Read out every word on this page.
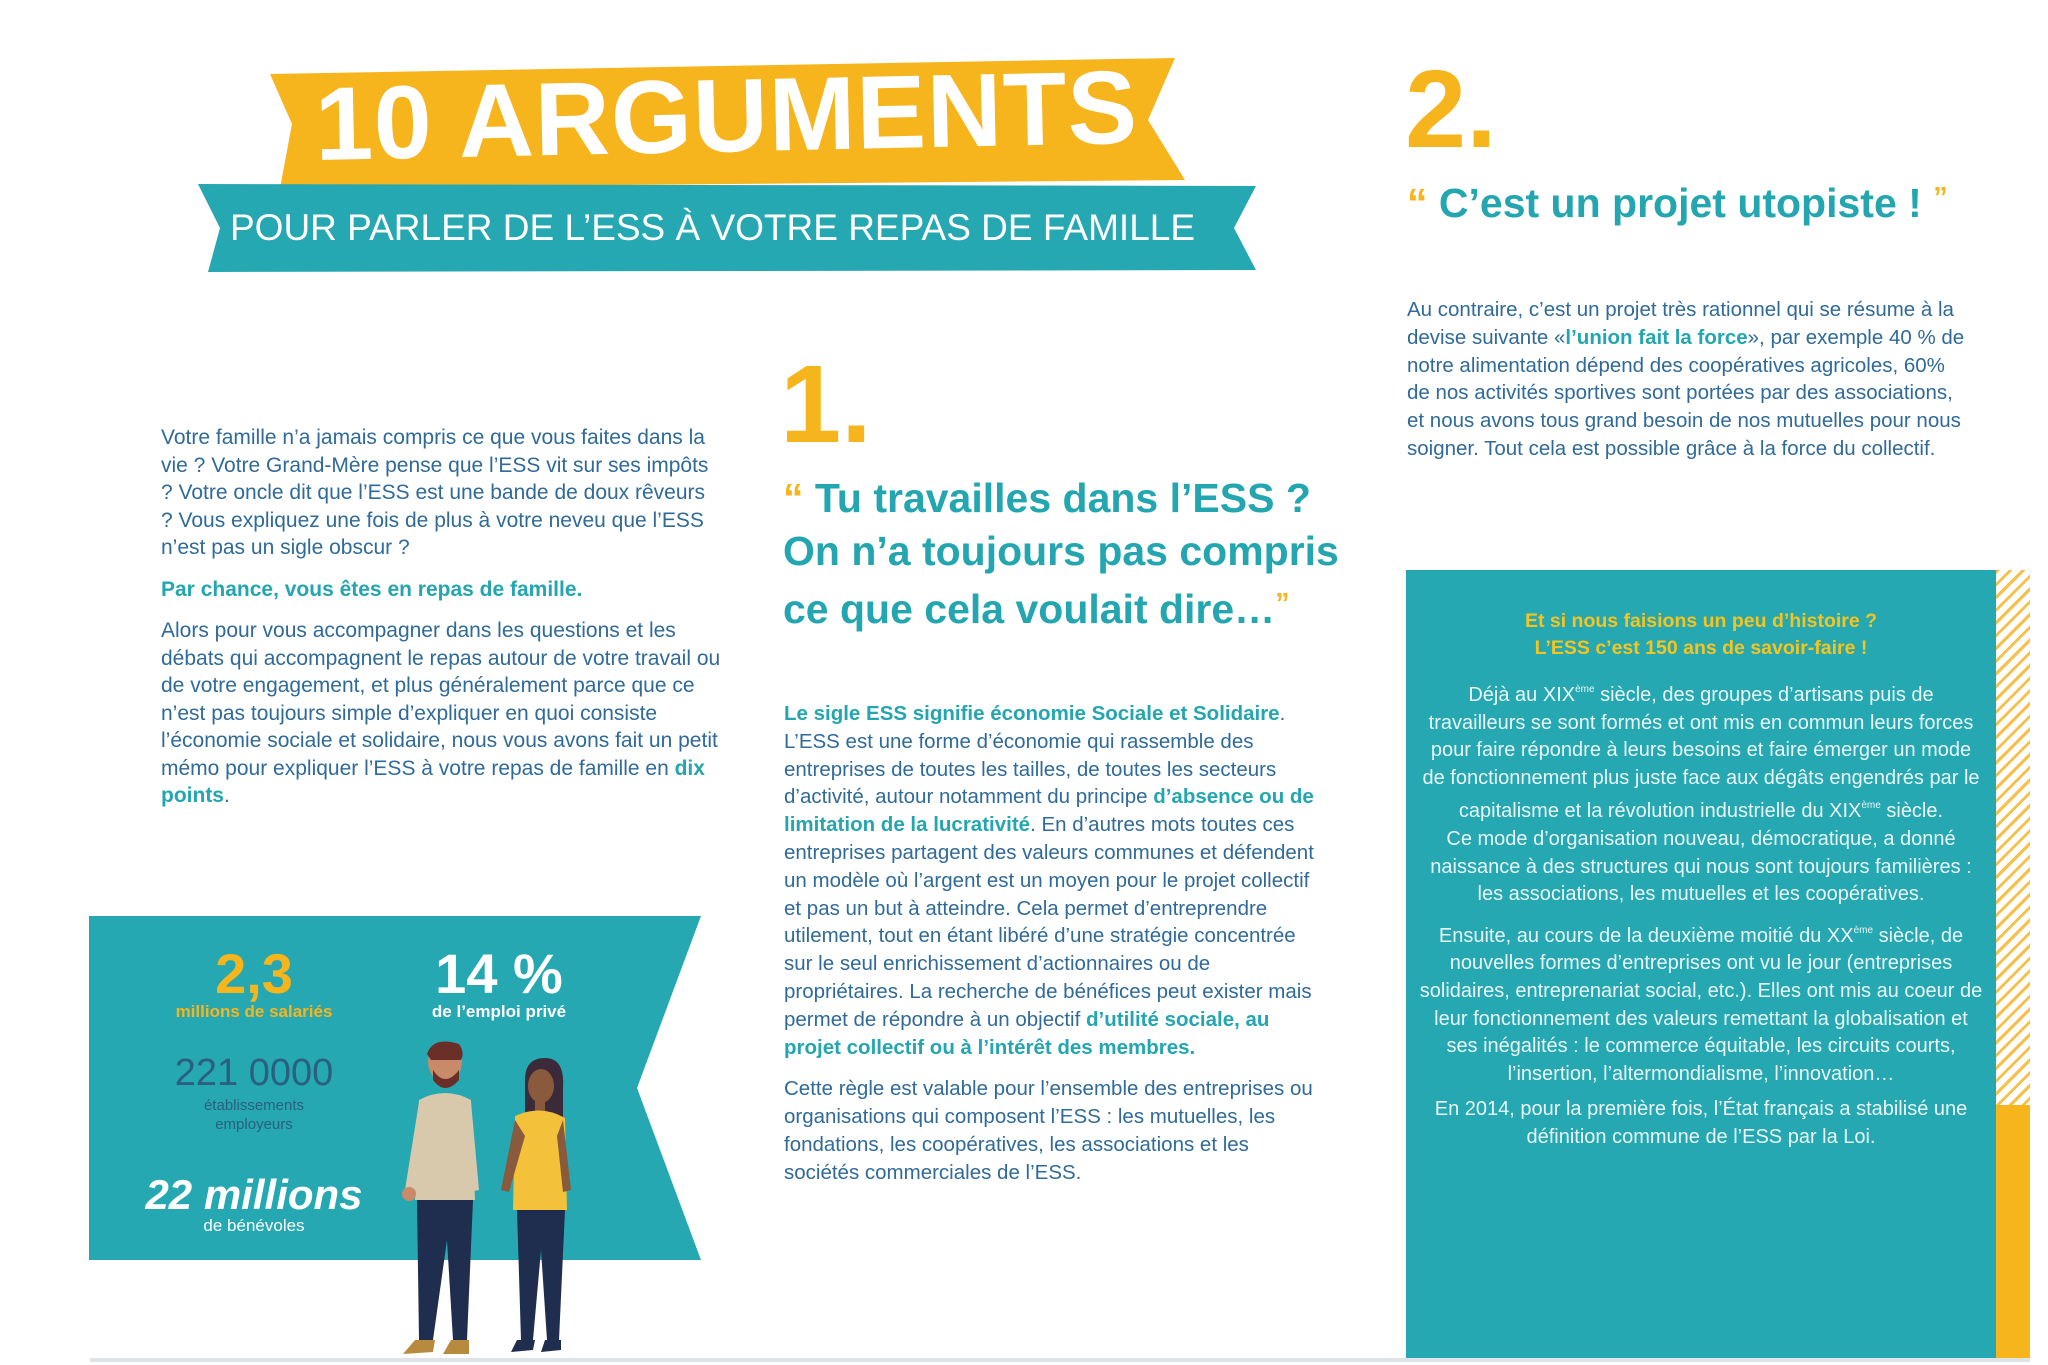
10 ARGUMENTS
POUR PARLER DE L’ESS À VOTRE REPAS DE FAMILLE

Votre famille n’a jamais compris ce que vous faites dans la vie ? Votre Grand-Mère pense que l’ESS vit sur ses impôts ? Votre oncle dit que l’ESS est une bande de doux rêveurs ? Vous expliquez une fois de plus à votre neveu que l’ESS n’est pas un sigle obscur ?

Par chance, vous êtes en repas de famille.

Alors pour vous accompagner dans les questions et les débats qui accompagnent le repas autour de votre travail ou de votre engagement, et plus généralement parce que ce n’est pas toujours simple d’expliquer en quoi consiste l’économie sociale et solidaire, nous vous avons fait un petit mémo pour expliquer l’ESS à votre repas de famille en dix points.

2,3
millions de salariés
14 %
de l’emploi privé
221 0000
établissements employeurs
22 millions
de bénévoles
1.
“ Tu travailles dans l’ESS ? On n’a toujours pas compris ce que cela voulait dire…”

Le sigle ESS signifie économie Sociale et Solidaire. L’ESS est une forme d’économie qui rassemble des entreprises de toutes les tailles, de toutes les secteurs d’activité, autour notamment du principe d’absence ou de limitation de la lucrativité. En d’autres mots toutes ces entreprises partagent des valeurs communes et défendent un modèle où l’argent est un moyen pour le projet collectif et pas un but à atteindre. Cela permet d’entreprendre utilement, tout en étant libéré d’une stratégie concentrée sur le seul enrichissement d’actionnaires ou de propriétaires. La recherche de bénéfices peut exister mais permet de répondre à un objectif d’utilité sociale, au projet collectif ou à l’intérêt des membres.

Cette règle est valable pour l’ensemble des entreprises ou organisations qui composent l’ESS : les mutuelles, les fondations, les coopératives, les associations et les sociétés commerciales de l’ESS.

2.
“ C’est un projet utopiste ! ”
Au contraire, c’est un projet très rationnel qui se résume à la devise suivante «l’union fait la force», par exemple 40 % de notre alimentation dépend des coopératives agricoles, 60% de nos activités sportives sont portées par des associations, et nous avons tous grand besoin de nos mutuelles pour nous soigner. Tout cela est possible grâce à la force du collectif.
Et si nous faisions un peu d’histoire ?
L’ESS c’est 150 ans de savoir-faire !

Déjà au XIXème siècle, des groupes d’artisans puis de travailleurs se sont formés et ont mis en commun leurs forces pour faire répondre à leurs besoins et faire émerger un mode de fonctionnement plus juste face aux dégâts engendrés par le capitalisme et la révolution industrielle du XIXème siècle.
Ce mode d’organisation nouveau, démocratique, a donné naissance à des structures qui nous sont toujours familières : les associations, les mutuelles et les coopératives.

Ensuite, au cours de la deuxième moitié du XXème siècle, de nouvelles formes d’entreprises ont vu le jour (entreprises solidaires, entreprenariat social, etc.). Elles ont mis au coeur de leur fonctionnement des valeurs remettant la globalisation et ses inégalités : le commerce équitable, les circuits courts, l’insertion, l’altermondialisme, l’innovation…

En 2014, pour la première fois, l’État français a stabilisé une définition commune de l’ESS par la Loi.
